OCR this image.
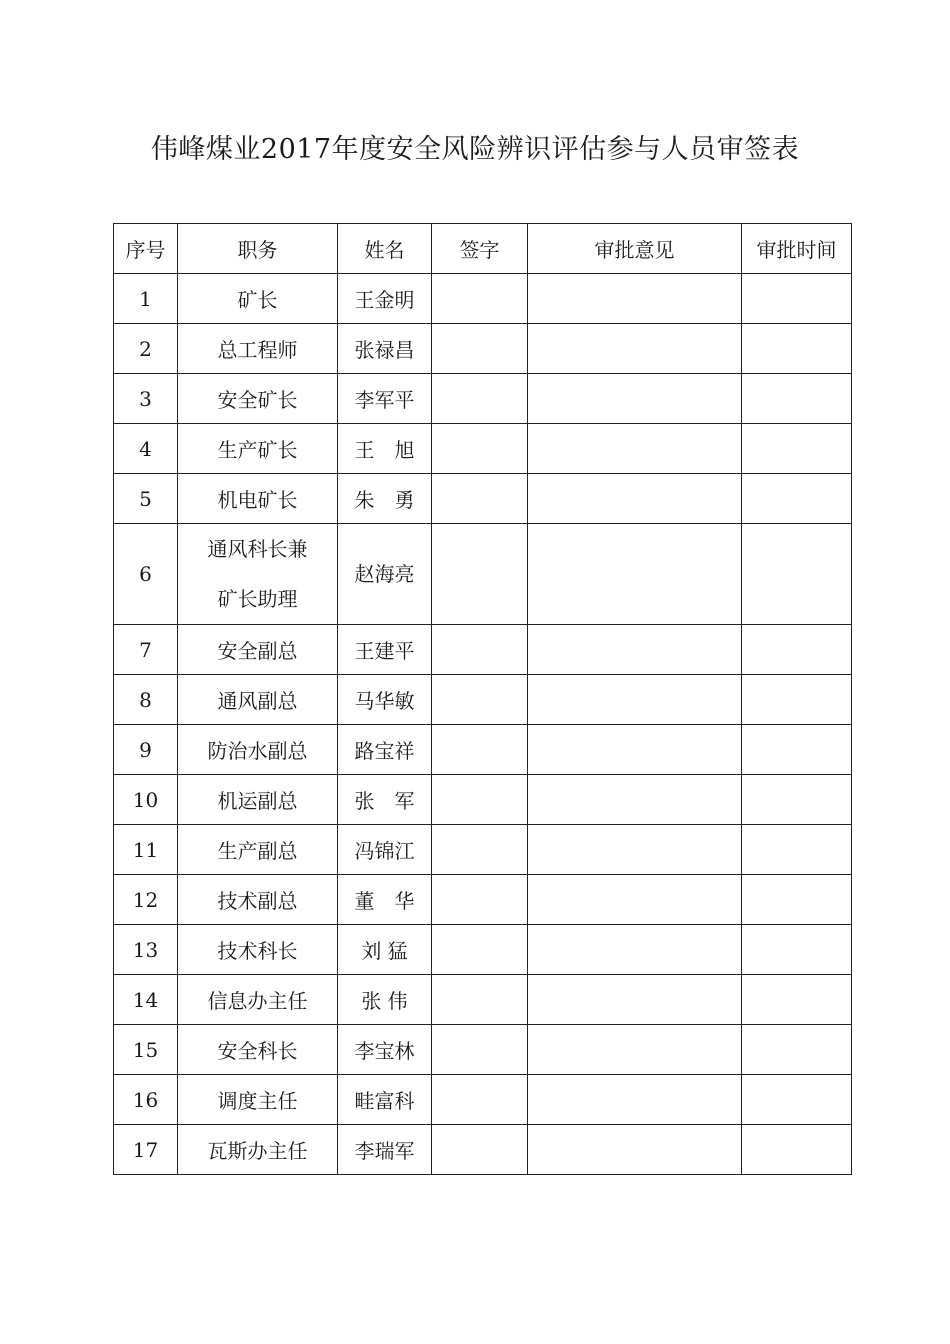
伟峰煤业2017年度安全风险辨识评估参与人员审签表
序号	职务	姓名	签字	审批意见	审批时间
1	矿长	王金明			
2	总工程师	张禄昌			
3	安全矿长	李军平			
4	生产矿长	王　旭			
5	机电矿长	朱　勇			
6	通风科长兼矿长助理	赵海亮			
7	安全副总	王建平			
8	通风副总	马华敏			
9	防治水副总	路宝祥			
10	机运副总	张　军			
11	生产副总	冯锦江			
12	技术副总	董　华			
13	技术科长	刘 猛			
14	信息办主任	张 伟			
15	安全科长	李宝林			
16	调度主任	畦富科			
17	瓦斯办主任	李瑞军			
